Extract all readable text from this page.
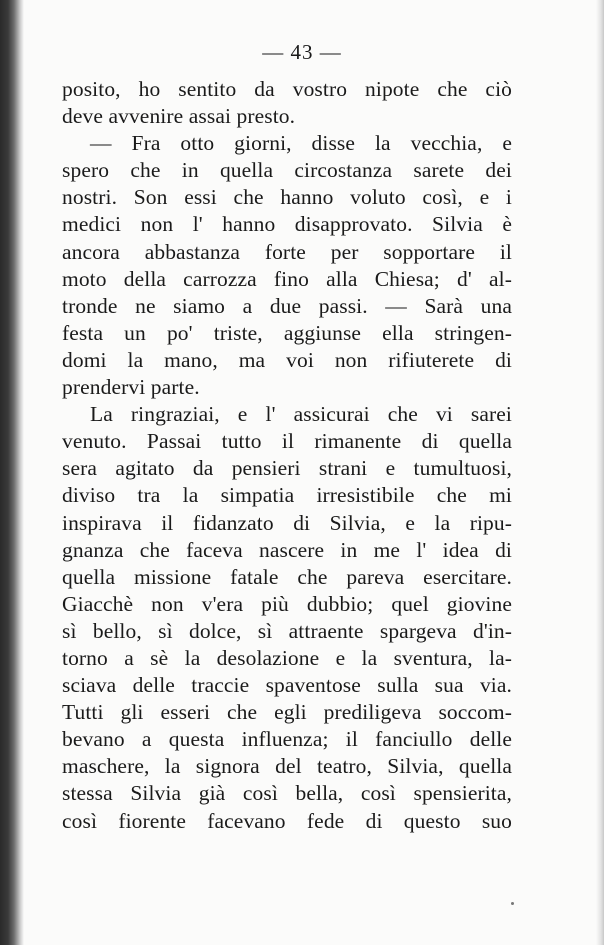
— 43 —
posito, ho sentito da vostro nipote che ciò
deve avvenire assai presto.
— Fra otto giorni, disse la vecchia, e
spero che in quella circostanza sarete dei
nostri. Son essi che hanno voluto così, e i
medici non l' hanno disapprovato. Silvia è
ancora abbastanza forte per sopportare il
moto della carrozza fino alla Chiesa; d' al-
tronde ne siamo a due passi. — Sarà una
festa un po' triste, aggiunse ella stringen-
domi la mano, ma voi non rifiuterete di
prendervi parte.
La ringraziai, e l' assicurai che vi sarei
venuto. Passai tutto il rimanente di quella
sera agitato da pensieri strani e tumultuosi,
diviso tra la simpatia irresistibile che mi
inspirava il fidanzato di Silvia, e la ripu-
gnanza che faceva nascere in me l' idea di
quella missione fatale che pareva esercitare.
Giacchè non v'era più dubbio; quel giovine
sì bello, sì dolce, sì attraente spargeva d'in-
torno a sè la desolazione e la sventura, la-
sciava delle traccie spaventose sulla sua via.
Tutti gli esseri che egli prediligeva soccom-
bevano a questa influenza; il fanciullo delle
maschere, la signora del teatro, Silvia, quella
stessa Silvia già così bella, così spensierita,
così fiorente facevano fede di questo suo
